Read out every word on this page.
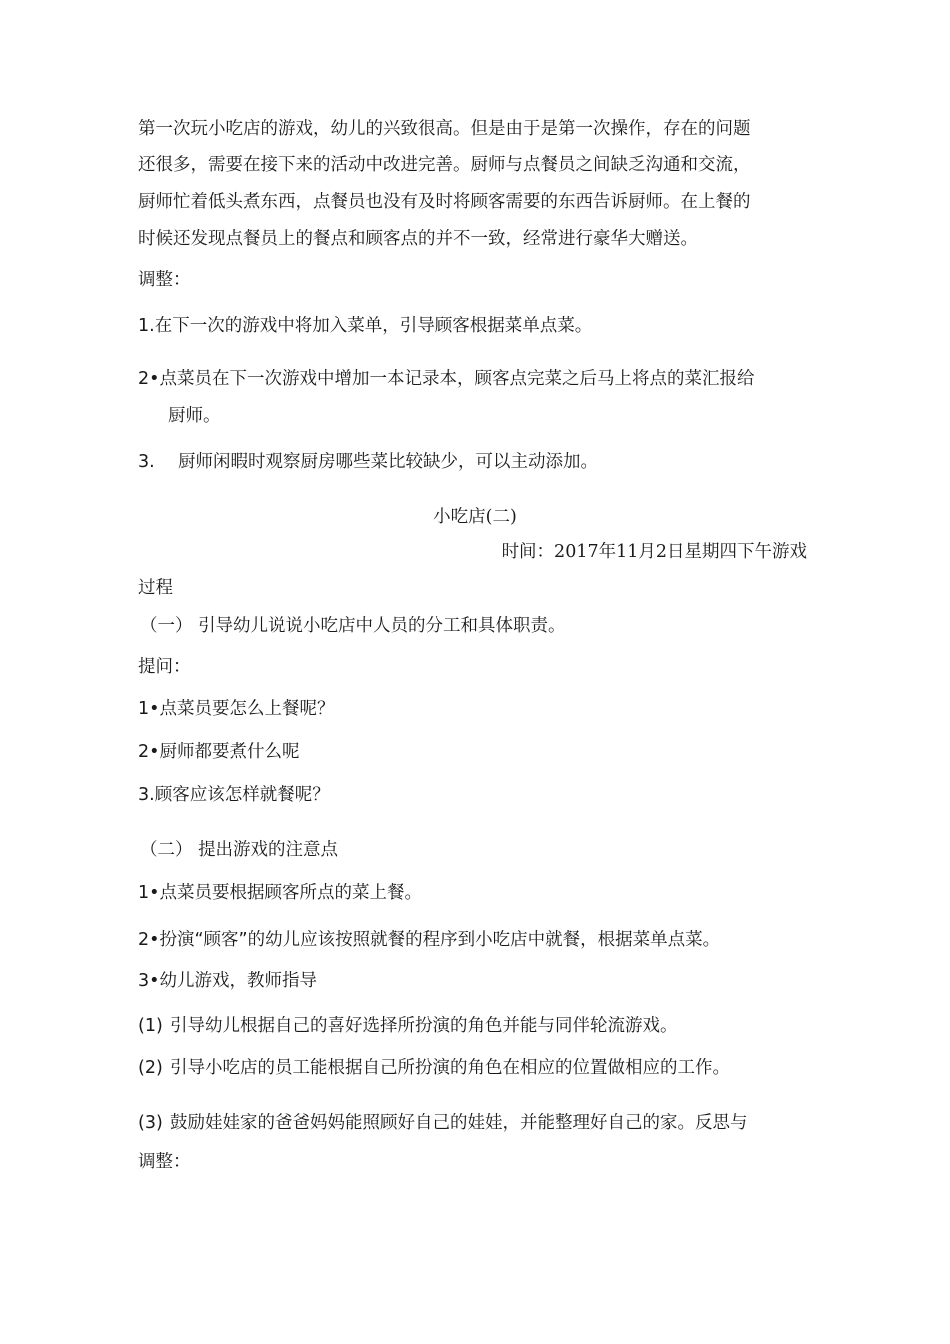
第一次玩小吃店的游戏，幼儿的兴致很高。但是由于是第一次操作，存在的问题
还很多，需要在接下来的活动中改进完善。厨师与点餐员之间缺乏沟通和交流，
厨师忙着低头煮东西，点餐员也没有及时将顾客需要的东西告诉厨师。在上餐的
时候还发现点餐员上的餐点和顾客点的并不一致，经常进行豪华大赠送。
调整：
1.在下一次的游戏中将加入菜单，引导顾客根据菜单点菜。
2•点菜员在下一次游戏中增加一本记录本，顾客点完菜之后马上将点的菜汇报给
厨师。
3. 厨师闲暇时观察厨房哪些菜比较缺少，可以主动添加。
小吃店(二)
时间：2017年11月2日星期四下午游戏
过程
（一） 引导幼儿说说小吃店中人员的分工和具体职责。
提问：
1•点菜员要怎么上餐呢？
2•厨师都要煮什么呢
3.顾客应该怎样就餐呢？
（二） 提出游戏的注意点
1•点菜员要根据顾客所点的菜上餐。
2•扮演“顾客”的幼儿应该按照就餐的程序到小吃店中就餐，根据菜单点菜。
3•幼儿游戏，教师指导
(1) 引导幼儿根据自己的喜好选择所扮演的角色并能与同伴轮流游戏。
(2) 引导小吃店的员工能根据自己所扮演的角色在相应的位置做相应的工作。
(3) 鼓励娃娃家的爸爸妈妈能照顾好自己的娃娃，并能整理好自己的家。反思与
调整：
